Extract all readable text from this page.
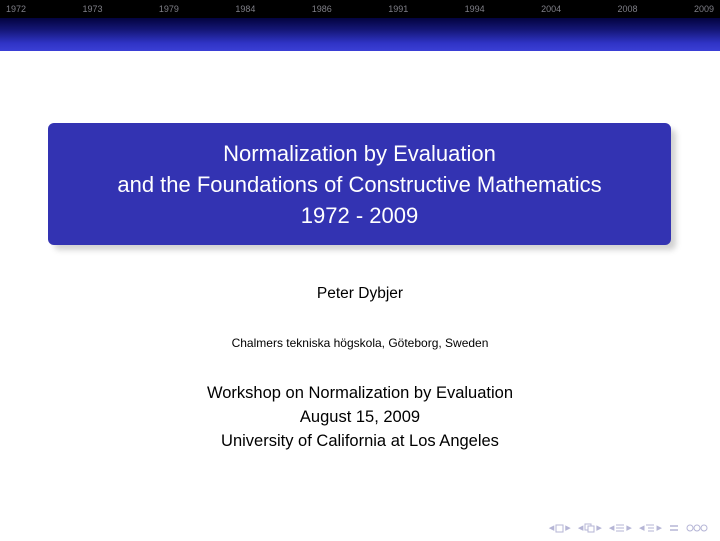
1972	1973	1979	1984	1986	1991	1994	2004	2008	2009
Normalization by Evaluation
and the Foundations of Constructive Mathematics
1972 - 2009
Peter Dybjer
Chalmers tekniska högskola, Göteborg, Sweden
Workshop on Normalization by Evaluation
August 15, 2009
University of California at Los Angeles
◂ ▸ ◂ ▸ ◂ ▸ ◂ ▸
